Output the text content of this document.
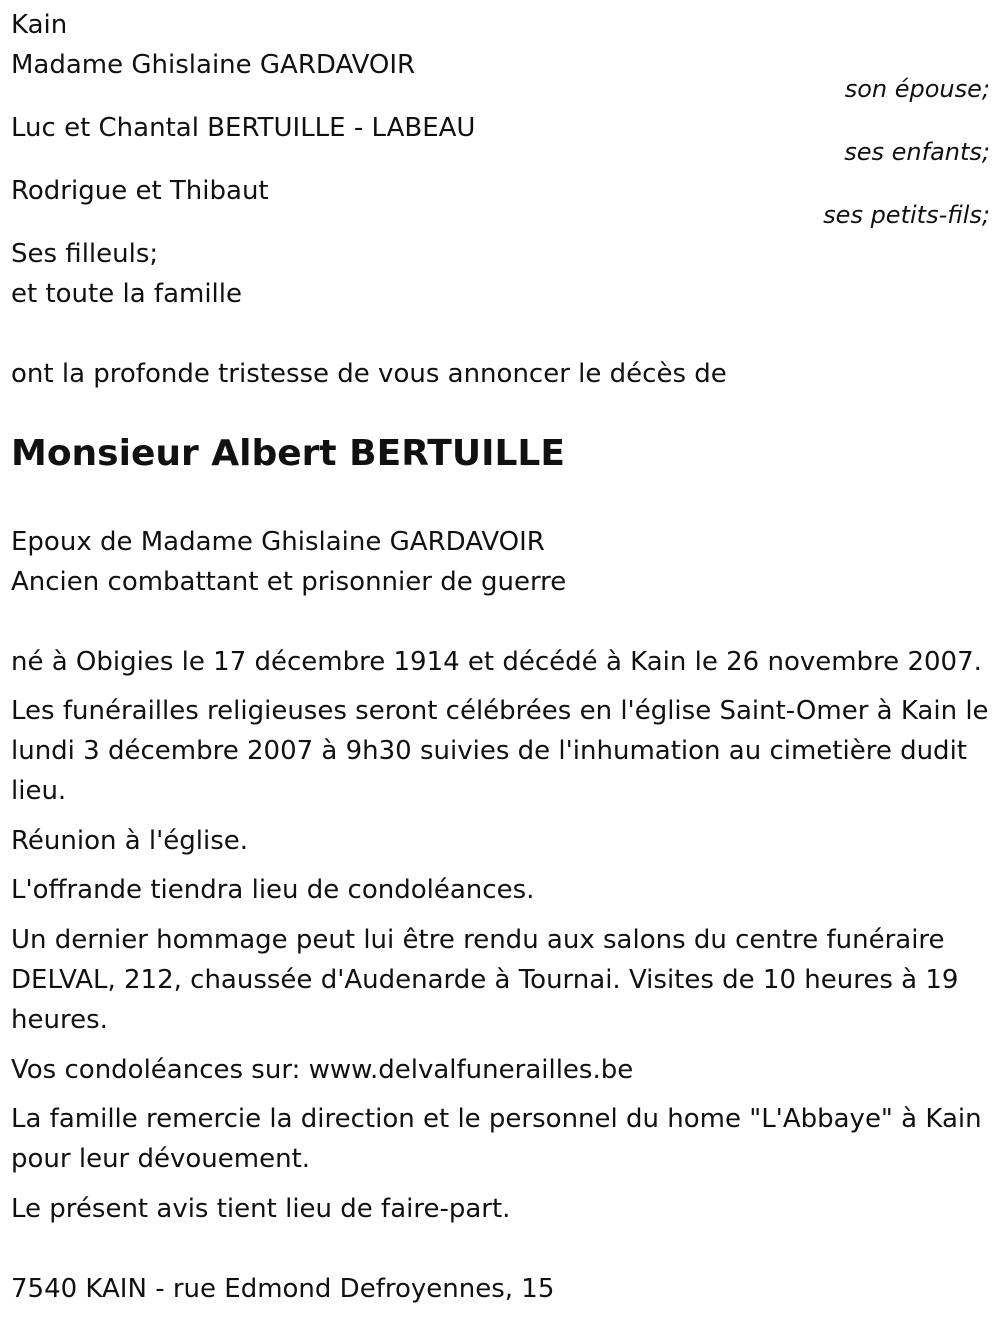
Kain
Madame Ghislaine GARDAVOIR
son épouse;
Luc et Chantal BERTUILLE - LABEAU
ses enfants;
Rodrigue et Thibaut
ses petits-fils;
Ses filleuls;
et toute la famille
ont la profonde tristesse de vous annoncer le décès de
Monsieur Albert BERTUILLE
Epoux de Madame Ghislaine GARDAVOIR
Ancien combattant et prisonnier de guerre
né à Obigies le 17 décembre 1914 et décédé à Kain le 26 novembre 2007.
Les funérailles religieuses seront célébrées en l'église Saint-Omer à Kain le lundi 3 décembre 2007 à 9h30 suivies de l'inhumation au cimetière dudit lieu.
Réunion à l'église.
L'offrande tiendra lieu de condoléances.
Un dernier hommage peut lui être rendu aux salons du centre funéraire DELVAL, 212, chaussée d'Audenarde à Tournai. Visites de 10 heures à 19 heures.
Vos condoléances sur: www.delvalfunerailles.be
La famille remercie la direction et le personnel du home "L'Abbaye" à Kain pour leur dévouement.
Le présent avis tient lieu de faire-part.
7540 KAIN - rue Edmond Defroyennes, 15
